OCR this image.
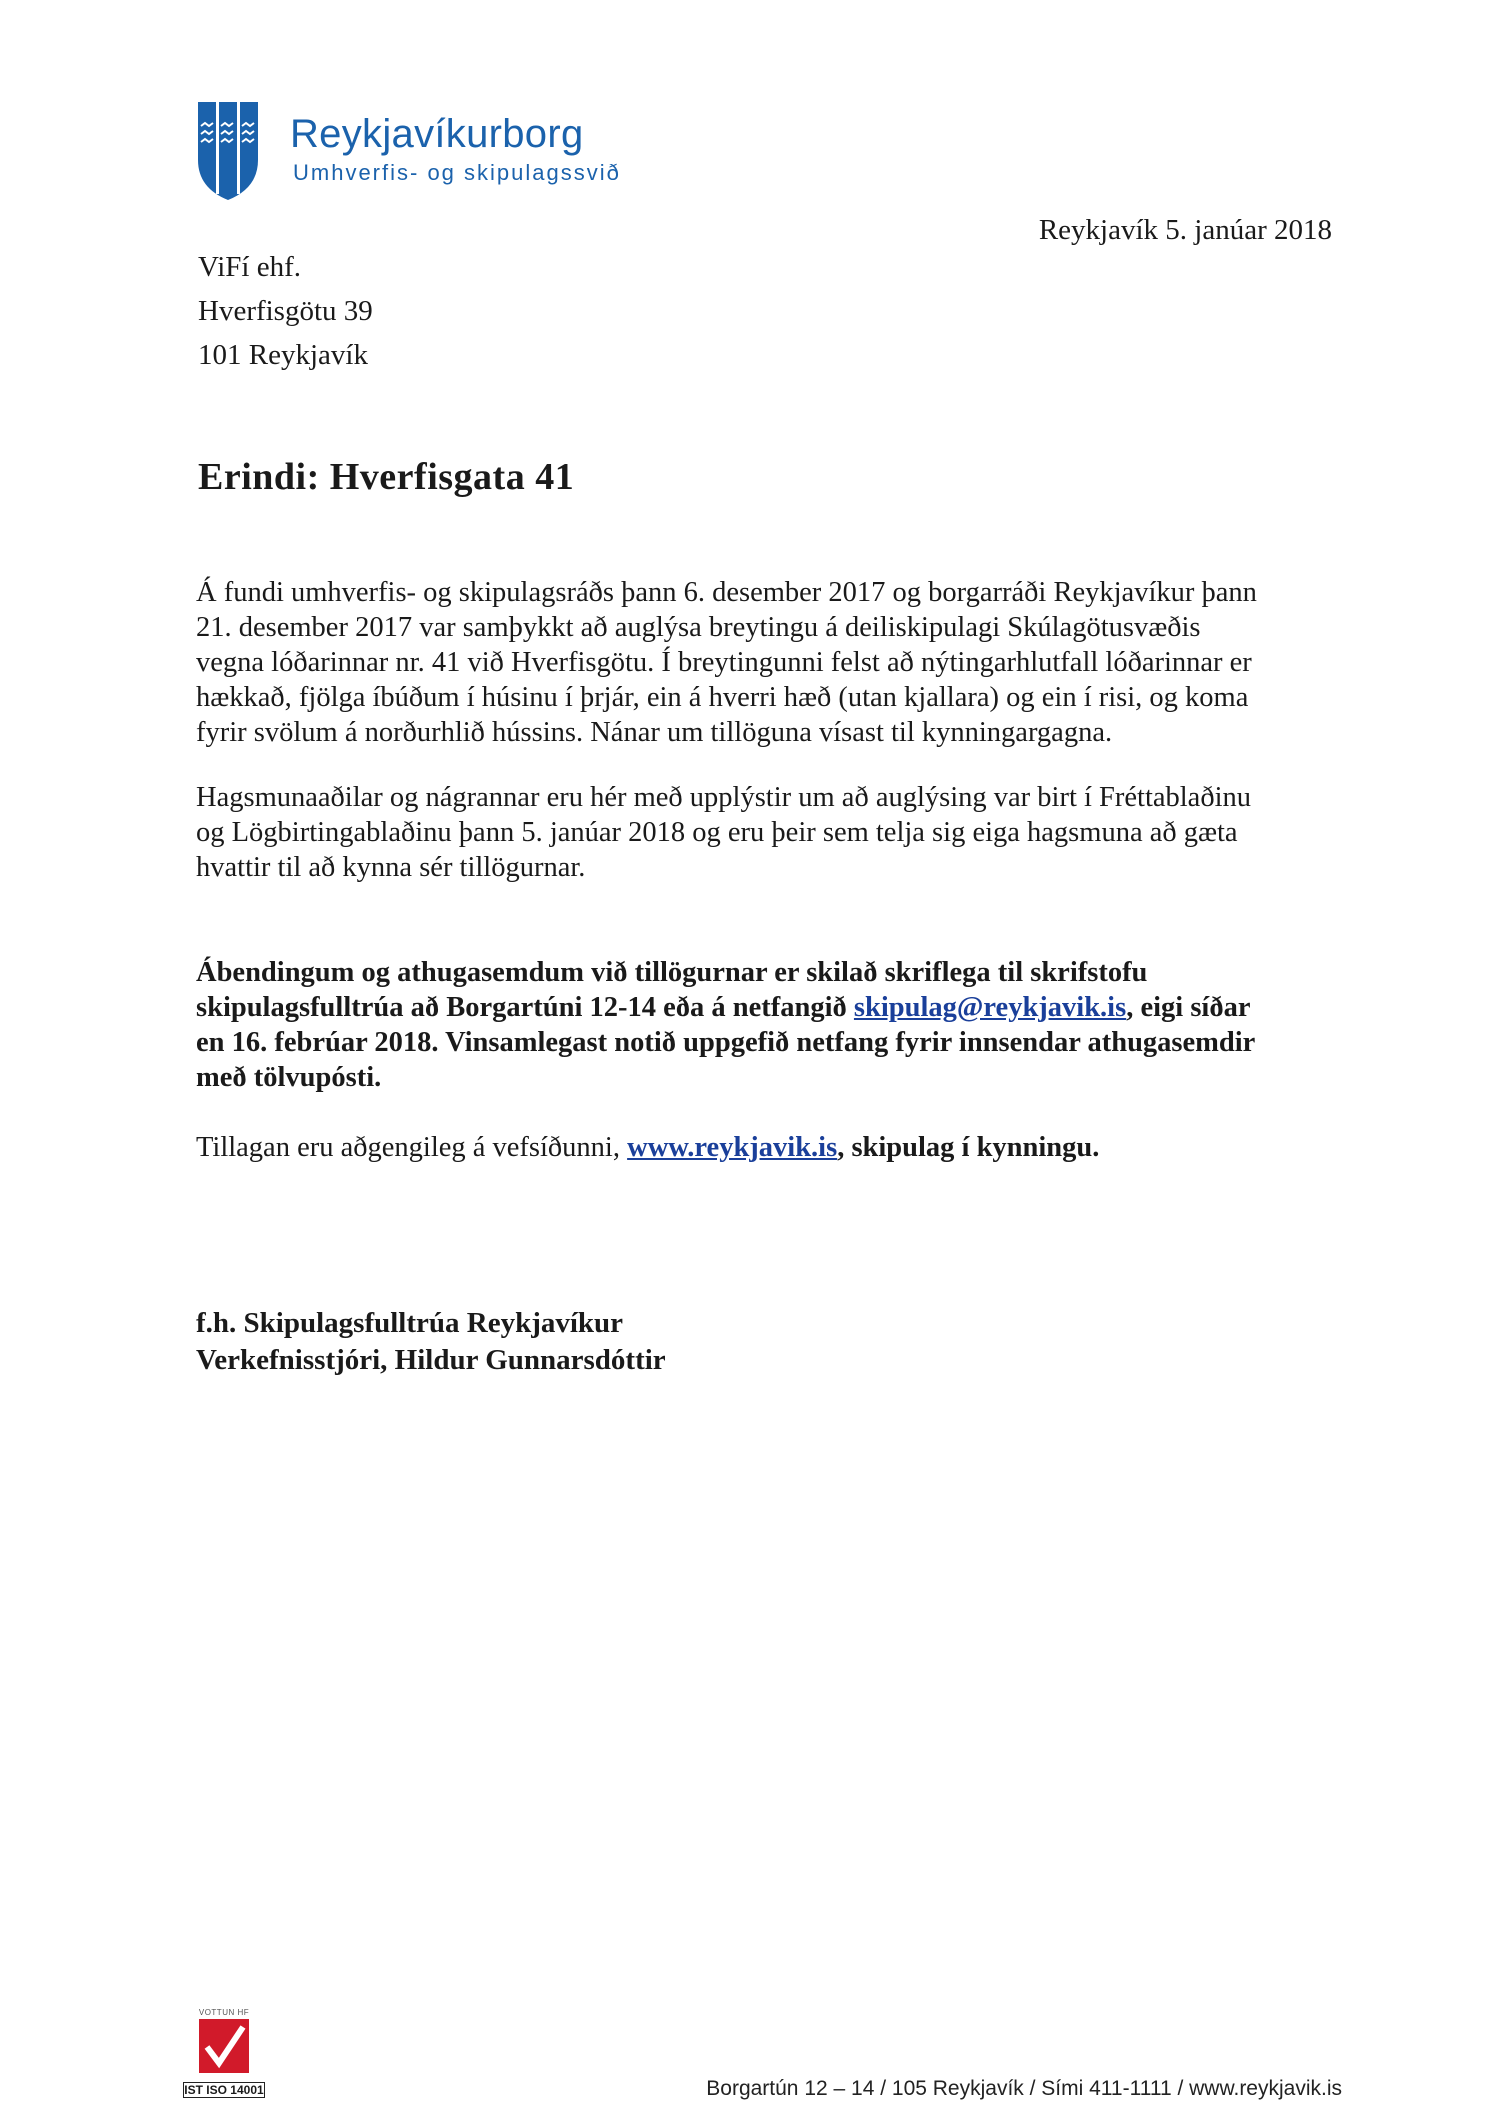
Reykjavíkurborg
Umhverfis- og skipulagssvið
Reykjavík 5. janúar 2018
ViFí ehf.
Hverfisgötu 39
101 Reykjavík
Erindi: Hverfisgata 41
Á fundi umhverfis- og skipulagsráðs þann 6. desember 2017 og borgarráði Reykjavíkur þann
21. desember 2017 var samþykkt að auglýsa breytingu á deiliskipulagi Skúlagötusvæðis
vegna lóðarinnar nr. 41 við Hverfisgötu. Í breytingunni felst að nýtingarhlutfall lóðarinnar er
hækkað, fjölga íbúðum í húsinu í þrjár, ein á hverri hæð (utan kjallara) og ein í risi, og koma
fyrir svölum á norðurhlið hússins. Nánar um tillöguna vísast til kynningargagna.
Hagsmunaaðilar og nágrannar eru hér með upplýstir um að auglýsing var birt í Fréttablaðinu
og Lögbirtingablaðinu þann 5. janúar 2018 og eru þeir sem telja sig eiga hagsmuna að gæta
hvattir til að kynna sér tillögurnar.
Ábendingum og athugasemdum við tillögurnar er skilað skriflega til skrifstofu
skipulagsfulltrúa að Borgartúni 12-14 eða á netfangið skipulag@reykjavik.is, eigi síðar
en 16. febrúar 2018. Vinsamlegast notið uppgefið netfang fyrir innsendar athugasemdir
með tölvupósti.
Tillagan eru aðgengileg á vefsíðunni, www.reykjavik.is, skipulag í kynningu.
f.h. Skipulagsfulltrúa Reykjavíkur
Verkefnisstjóri, Hildur Gunnarsdóttir
VOTTUN HF
IST ISO 14001	Borgartún 12 – 14 / 105 Reykjavík / Sími 411-1111 / www.reykjavik.is
